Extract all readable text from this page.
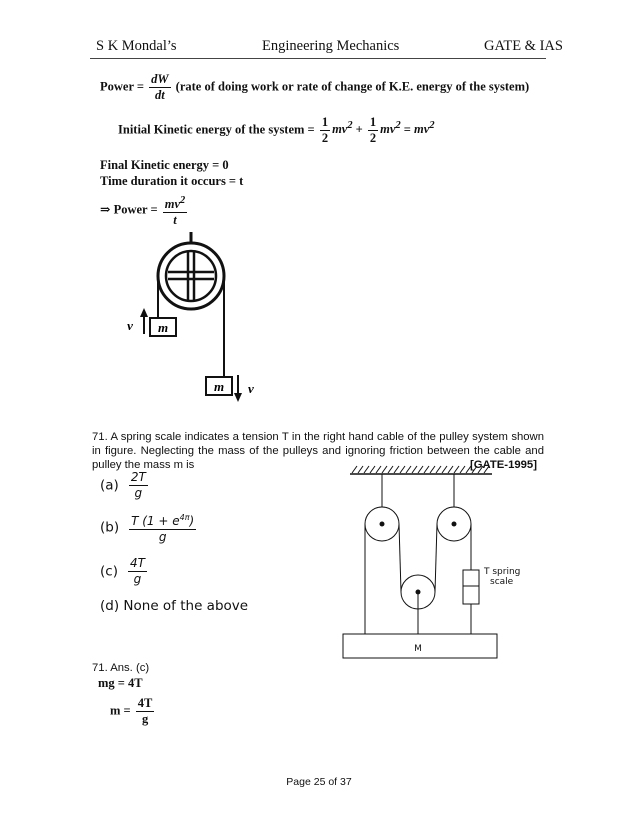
S K Mondal’s	Engineering Mechanics	GATE & IAS
Power = $\frac{dW}{dt}$ (rate of doing work or rate of change of K.E. energy of the system)
Initial Kinetic energy of the system = $\frac{1}{2} mv^2 + \frac{1}{2} mv^2 = mv^2$
Final Kinetic energy = 0
Time duration it occurs = t
⇒ Power = $\frac{mv^2}{t}$
m
v
m v
71. A spring scale indicates a tension T in the right hand cable of the pulley system shown in figure. Neglecting the mass of the pulleys and ignoring friction between the cable and pulley the mass m is	[GATE-1995]
$(a) \frac{2T}{g}$
$(b) \frac{T (1 + e^{4\pi})}{g}$
$(c) \frac{4T}{g}$
(d) None of the above
T spring
scale
M
71. Ans. (c)
mg = 4T
$m = \frac{4T}{g}$
Page 25 of 37
